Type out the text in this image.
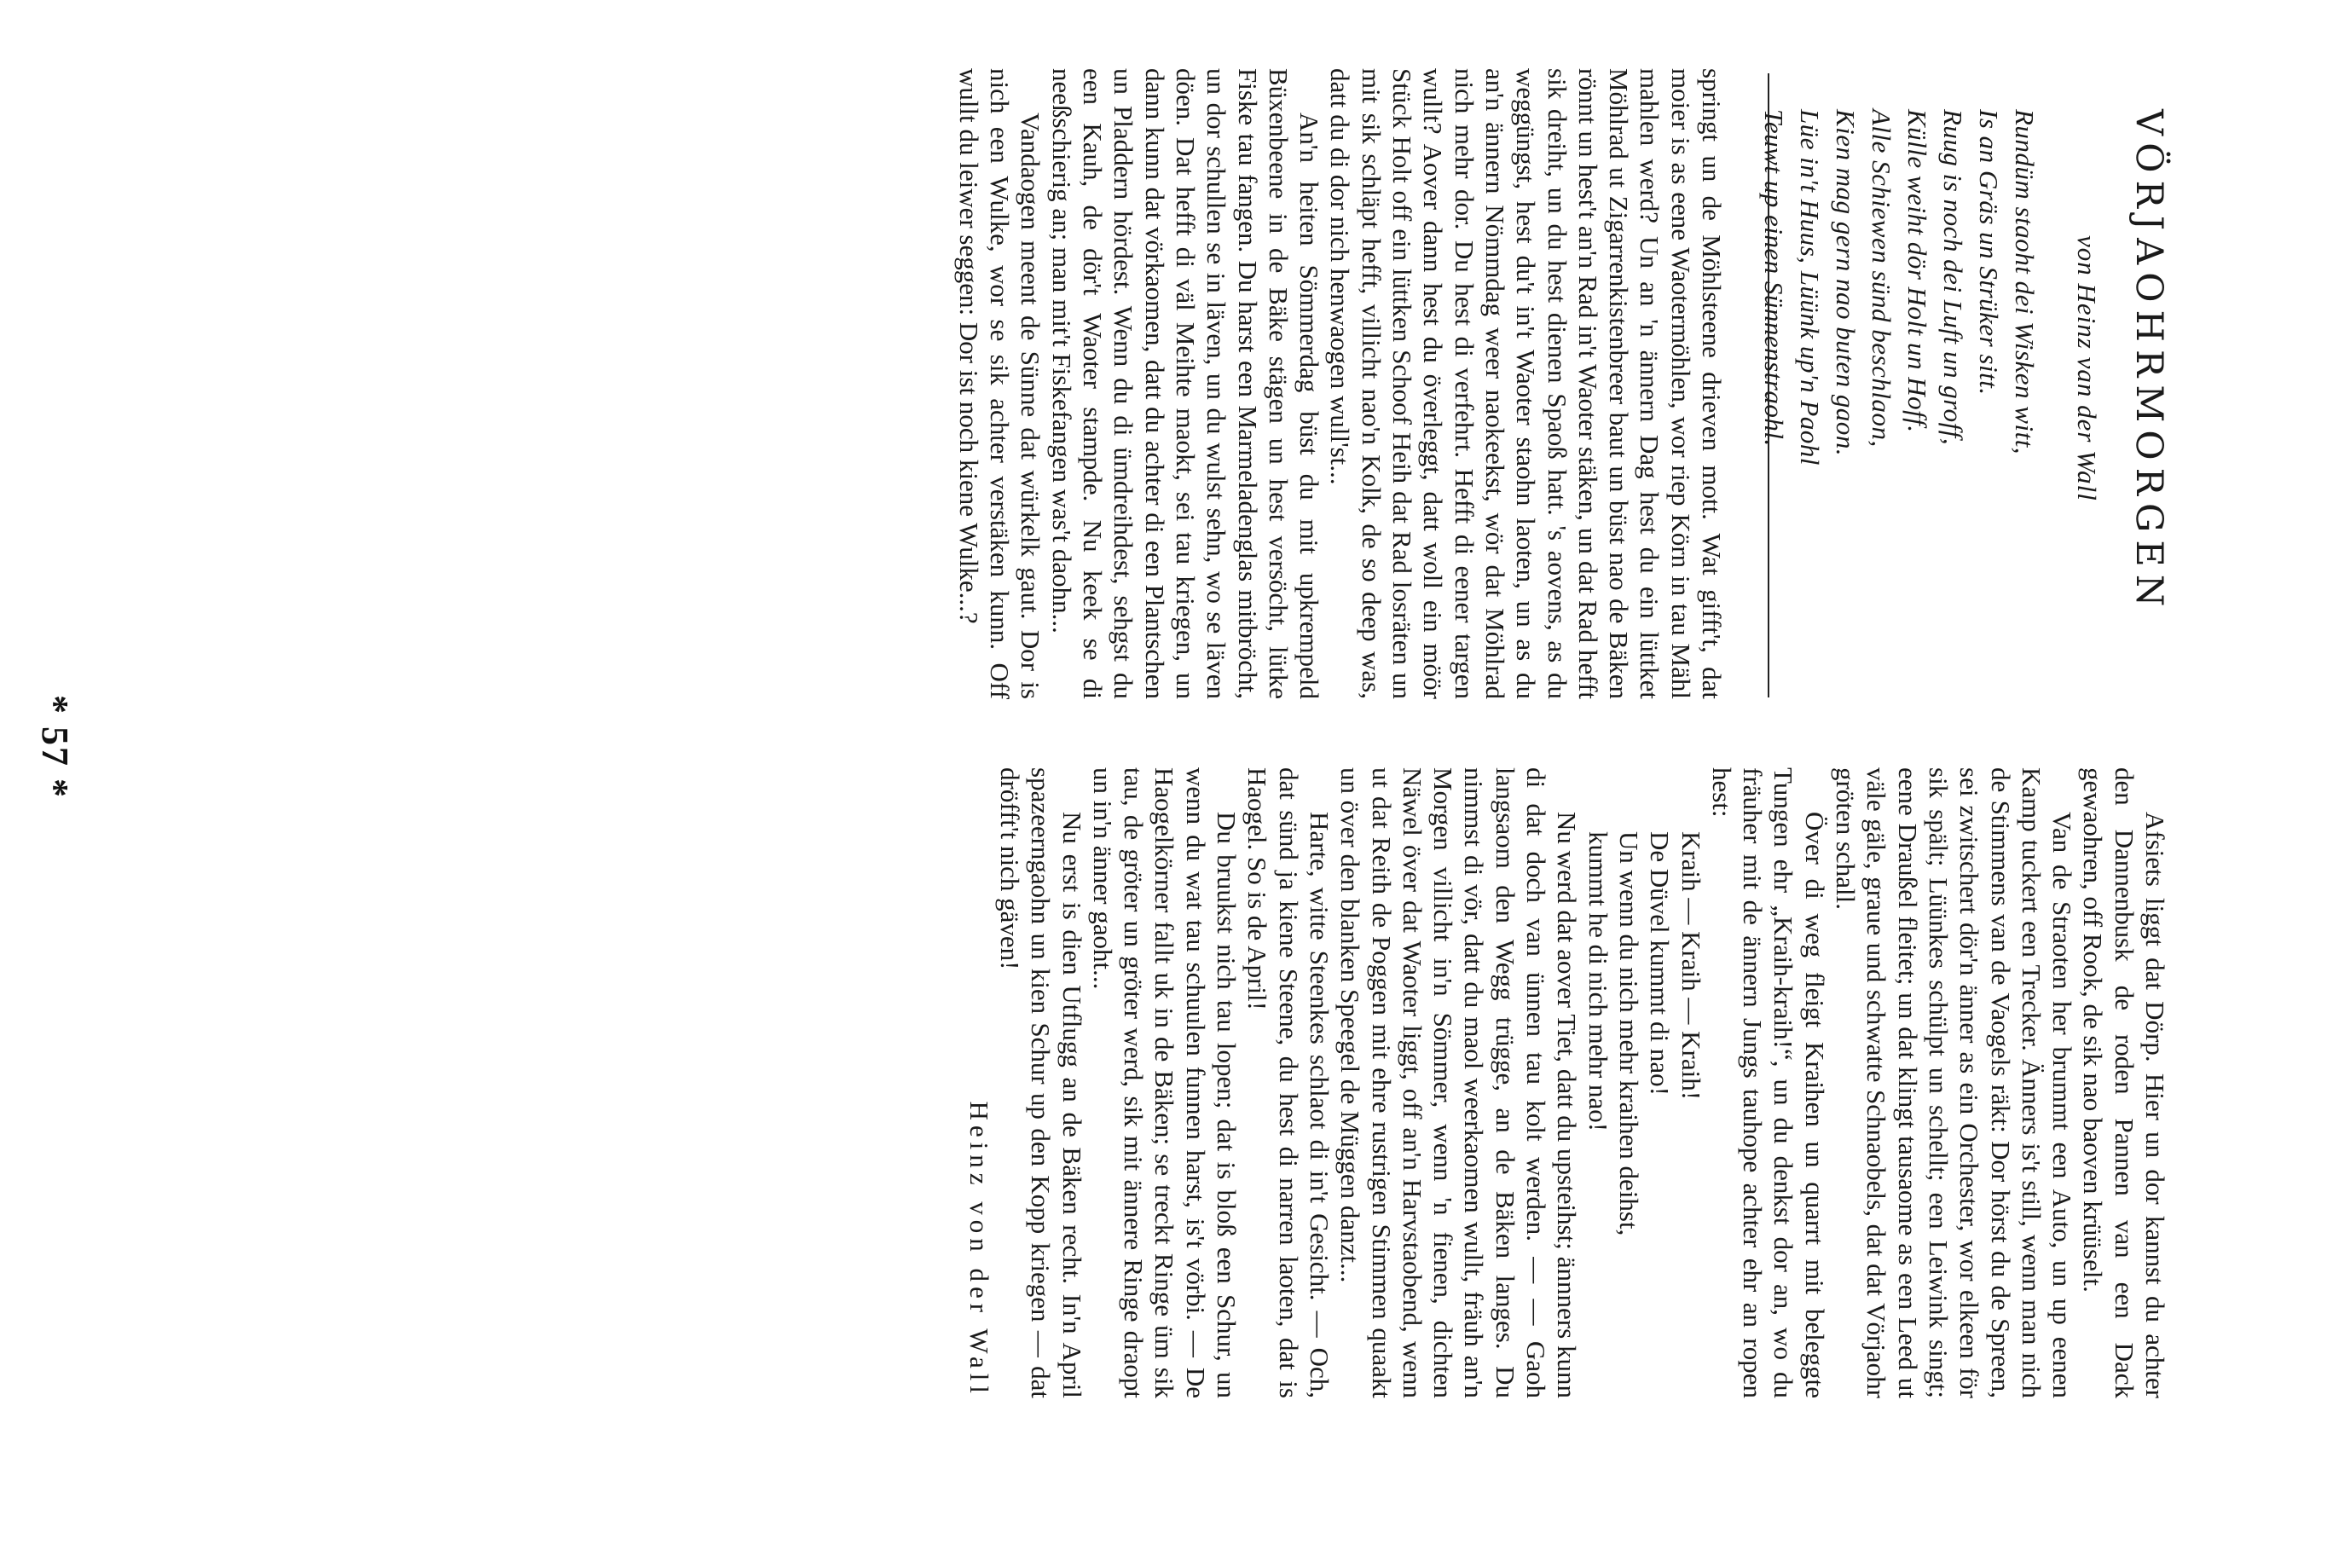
VÖRJAOHRMORGEN
von Heinz van der Wall
Rundüm staoht dei Wisken witt,
Is an Gräs un Strüker sitt.
Ruug is noch dei Luft un groff,
Külle weiht dör Holt un Hoff.
Alle Schiewen sünd beschlaon,
Kien mag gern nao buten gaon.
Lüe in't Huus, Lüünk up'n Paohl
Teuwt up einen Sünnenstraohl.

springt un de Möhlsteene drieven mott. Wat gifft't, dat moier is as eene Waotermöhlen, wor riep Körn in tau Mähl mahlen werd? Un an 'n ännern Dag hest du ein lüttket Möhlrad ut Zigarrenkistenbreer baut un büst nao de Bäken rönnt un hest't an'n Rad in't Waoter stäken, un dat Rad hefft sik dreiht, un du hest dienen Spaoß hatt. 's aovens, as du weggüngst, hest du't in't Waoter staohn laoten, un as du an'n ännern Nömmdag weer naokeekst, wör dat Möhlrad nich mehr dor. Du hest di verfehrt. Hefft di eener targen wullt? Aover dann hest du överleggt, datt woll ein möör Stück Holt off ein lüttken Schoof Heih dat Rad losräten un mit sik schläpt hefft, villicht nao'n Kolk, de so deep was, datt du di dor nich henwaogen wull'st...

An'n heiten Sömmerdag büst du mit upkrempeld Büxenbeene in de Bäke stägen un hest versöcht, lütke Fiske tau fangen. Du harst een Marmeladenglas mitbröcht, un dor schullen se in läven, un du wulst sehn, wo se läven döen. Dat hefft di väl Meihte maokt, sei tau kriegen, un dann kunn dat vörkaomen, datt du achter di een Plantschen un Pladdern hördest. Wenn du di ümdreihdest, sehgst du een Kauh, de dör't Waoter stampde. Nu keek se di neeßschierig an; man mit't Fiskefangen was't daohn...

Vandaogen meent de Sünne dat würkelk gaut. Dor is nich een Wulke, wor se sik achter verstäken kunn. Off wullt du leiwer seggen: Dor ist noch kiene Wulke...?

Afsiets liggt dat Dörp. Hier un dor kannst du achter den Dannenbusk de roden Pannen van een Dack gewaohren, off Rook, de sik nao baoven krüüselt.

Van de Straoten her brummt een Auto, un up eenen Kamp tuckert een Trecker. Änners is't still, wenn man nich de Stimmens van de Vaogels räkt: Dor hörst du de Spreen, sei zwitschert dör'n änner as ein Orchester, wor elkeen för sik spält; Lüünkes schülpt un schellt; een Leiwink singt; eene Draußel fleitet; un dat klingt tausaome as een Leed ut väle gäle, graue und schwatte Schnaobels, dat dat Vörjaohr gröten schall.

Över di weg fleigt Kraihen un quarrt mit beleggte Tungen ehr „Kraih-kraih!“, un du denkst dor an, wo du fräuher mit de ännern Jungs tauhope achter ehr an ropen hest:

Kraih — Kraih — Kraih!

De Düvel kummt di nao!

Un wenn du nich mehr kraihen deihst,

kummt he di nich mehr nao!

Nu werd dat aover Tiet, datt du upsteihst; ännners kunn di dat doch van ünnen tau kolt werden. — — Gaoh langsaom den Wegg trügge, an de Bäken langes. Du nimmst di vör, datt du maol weerkaomen wullt, fräuh an'n Morgen villicht in'n Sömmer, wenn 'n fienen, dichten Näwel över dat Waoter liggt, off an'n Harvstaobend, wenn ut dat Reith de Poggen mit ehre rustrigen Stimmen quaakt un över den blanken Speegel de Müggen danzt...

Harte, witte Steenkes schlaot di in't Gesicht. — Och, dat sünd ja kiene Steene, du hest di narren laoten, dat is Haogel. So is de April!

Du bruukst nich tau lopen; dat is bloß een Schur, un wenn du wat tau schuulen funnen harst, is't vörbi. — De Haogelkörner fallt uk in de Bäken; se treckt Ringe üm sik tau, de gröter un gröter werd, sik mit ännere Ringe draopt un in'n änner gaoht...

Nu erst is dien Utflugg an de Bäken recht. In'n April spazeerngaohn un kien Schur up den Kopp kriegen — dat dröfft't nich gäven!

Heinz von der Wall

* 57 *
